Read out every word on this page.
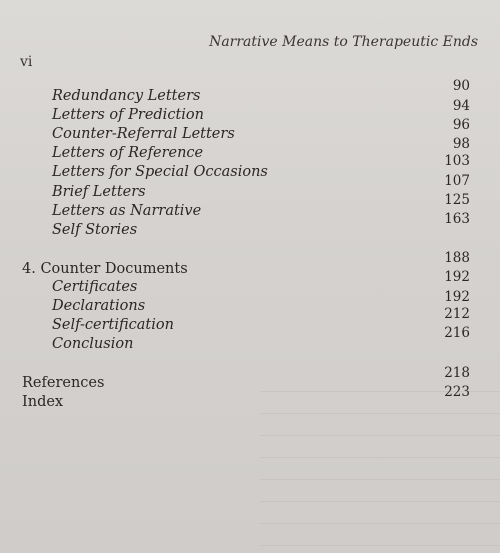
vi
Narrative Means to Therapeutic Ends
Redundancy Letters
90
Letters of Prediction
94
Counter-Referral Letters
96
Letters of Reference
98
Letters for Special Occasions
103
Brief Letters
107
Letters as Narrative
125
Self Stories
163
4. Counter Documents
188
Certificates
192
Declarations
192
Self-certification
212
Conclusion
216
References
218
Index
223
